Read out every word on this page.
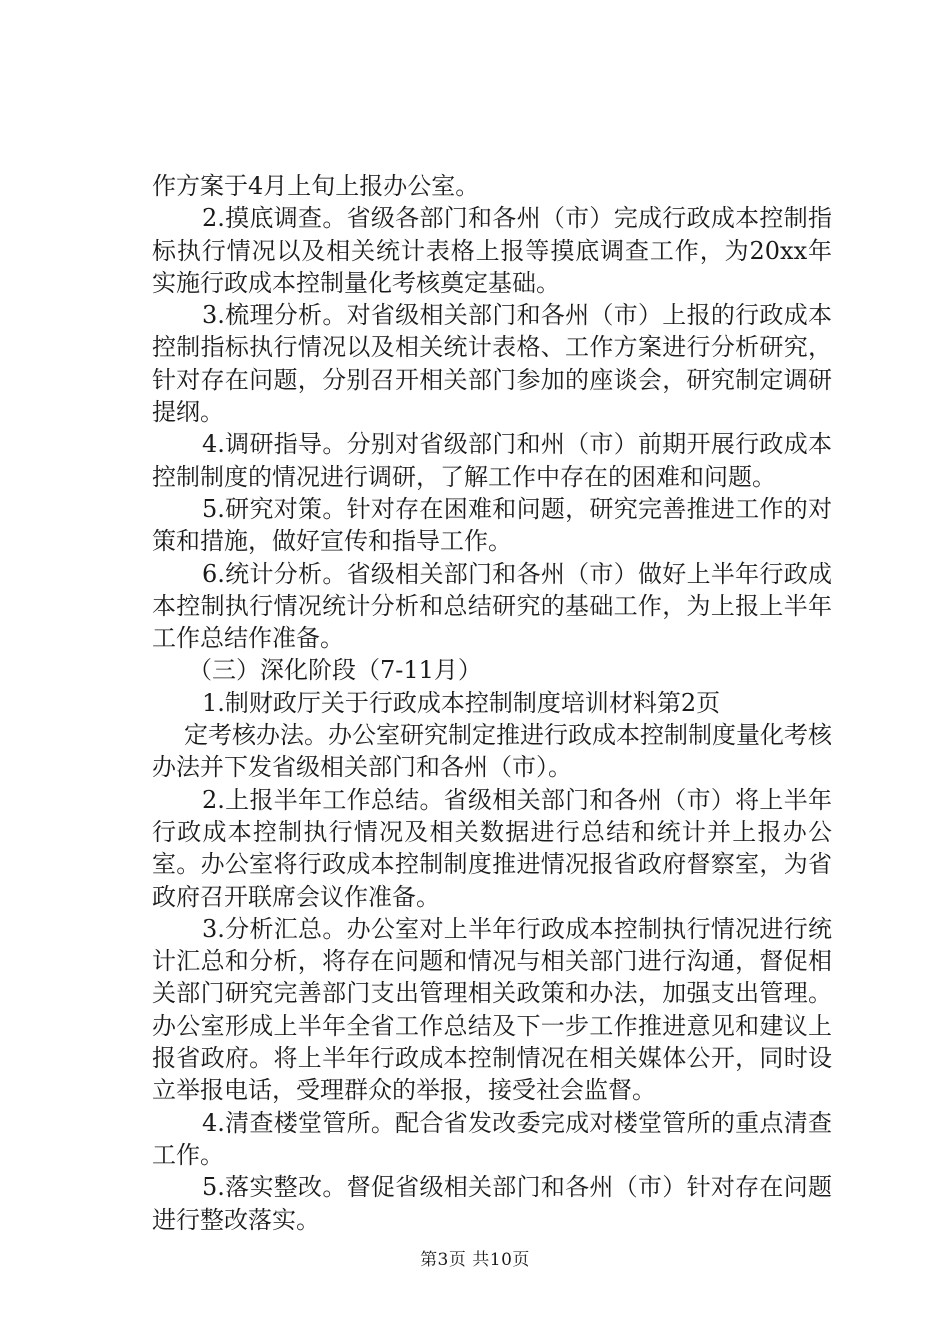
作方案于4月上旬上报办公室。

2.摸底调查。省级各部门和各州（市）完成行政成本控制指标执行情况以及相关统计表格上报等摸底调查工作，为20xx年实施行政成本控制量化考核奠定基础。

3.梳理分析。对省级相关部门和各州（市）上报的行政成本控制指标执行情况以及相关统计表格、工作方案进行分析研究，针对存在问题，分别召开相关部门参加的座谈会，研究制定调研提纲。

4.调研指导。分别对省级部门和州（市）前期开展行政成本控制制度的情况进行调研，了解工作中存在的困难和问题。

5.研究对策。针对存在困难和问题，研究完善推进工作的对策和措施，做好宣传和指导工作。

6.统计分析。省级相关部门和各州（市）做好上半年行政成本控制执行情况统计分析和总结研究的基础工作，为上报上半年工作总结作准备。

（三）深化阶段（7-11月）

1.制财政厅关于行政成本控制制度培训材料第2页

定考核办法。办公室研究制定推进行政成本控制制度量化考核办法并下发省级相关部门和各州（市）。

2.上报半年工作总结。省级相关部门和各州（市）将上半年行政成本控制执行情况及相关数据进行总结和统计并上报办公室。办公室将行政成本控制制度推进情况报省政府督察室，为省政府召开联席会议作准备。

3.分析汇总。办公室对上半年行政成本控制执行情况进行统计汇总和分析，将存在问题和情况与相关部门进行沟通，督促相关部门研究完善部门支出管理相关政策和办法，加强支出管理。办公室形成上半年全省工作总结及下一步工作推进意见和建议上报省政府。将上半年行政成本控制情况在相关媒体公开，同时设立举报电话，受理群众的举报，接受社会监督。

4.清查楼堂管所。配合省发改委完成对楼堂管所的重点清查工作。

5.落实整改。督促省级相关部门和各州（市）针对存在问题进行整改落实。

第3页 共10页
